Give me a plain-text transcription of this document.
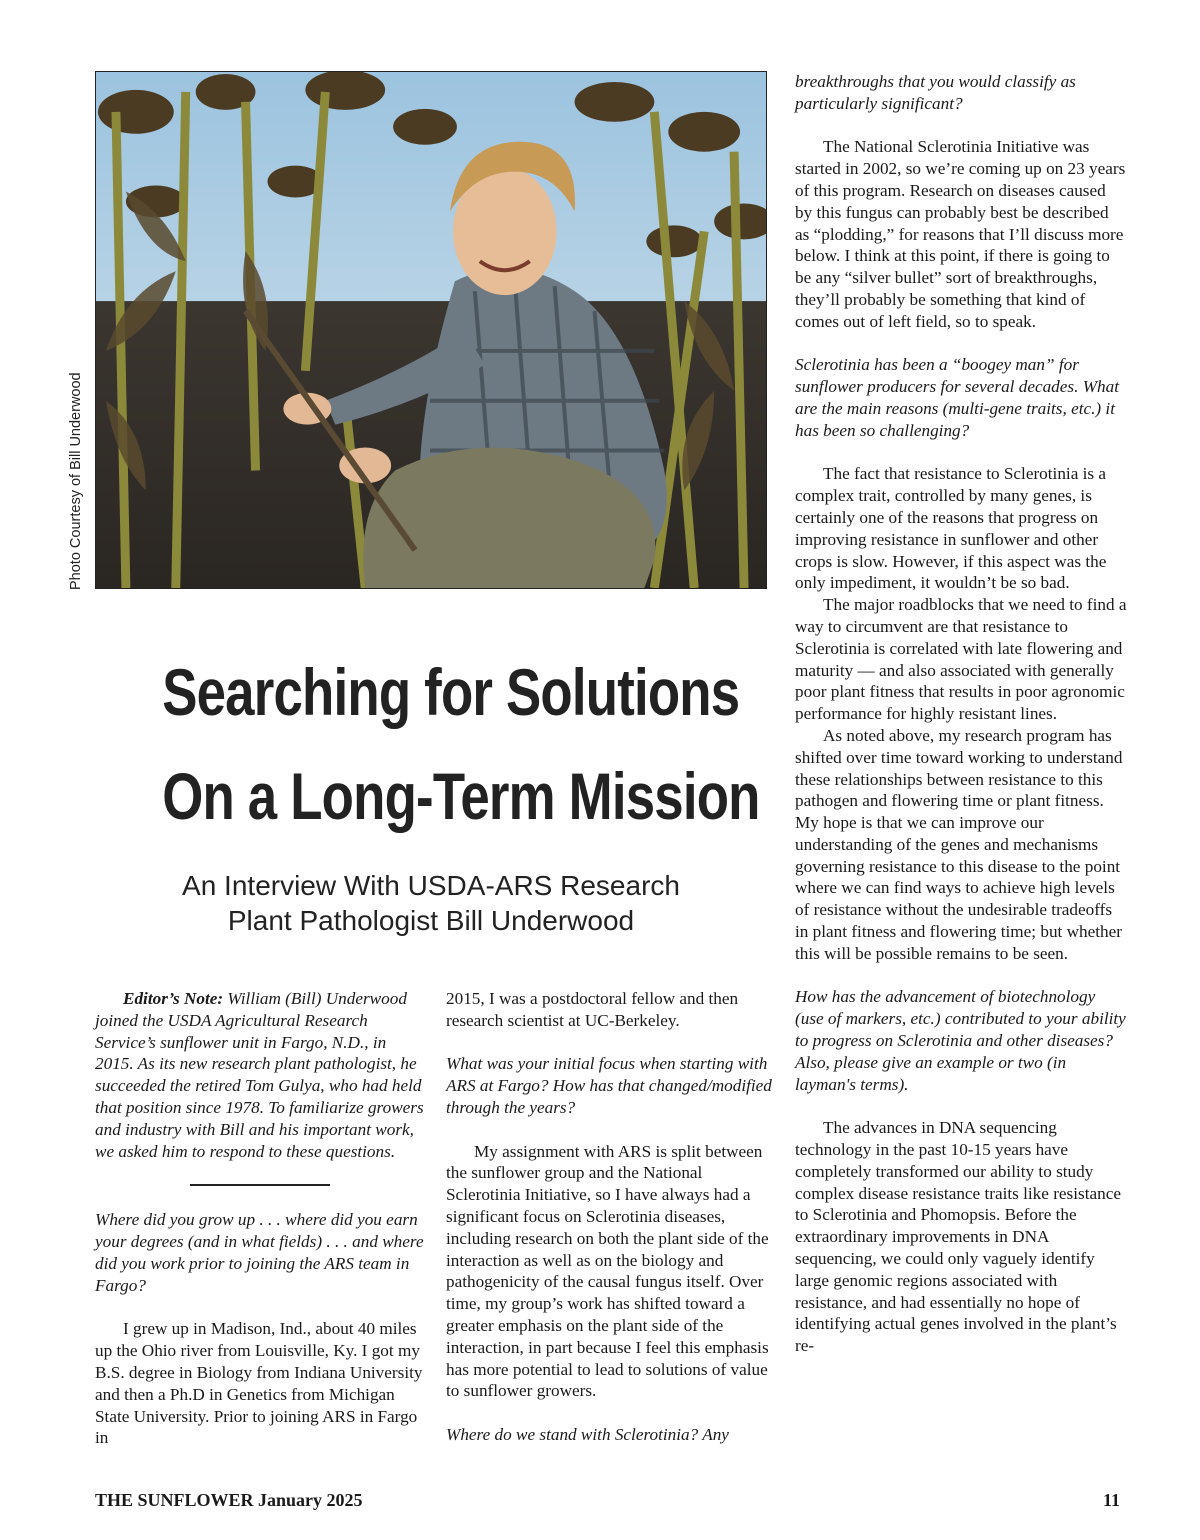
Photo Courtesy of Bill Underwood
Searching for Solutions
On a Long-Term Mission
An Interview With USDA-ARS Research
Plant Pathologist Bill Underwood

Editor’s Note: William (Bill) Underwood joined the USDA Agricultural Research Service’s sunflower unit in Fargo, N.D., in 2015. As its new research plant pathologist, he succeeded the retired Tom Gulya, who had held that position since 1978. To familiarize growers and industry with Bill and his important work, we asked him to respond to these questions.

Where did you grow up . . . where did you earn your degrees (and in what fields) . . . and where did you work prior to joining the ARS team in Fargo?

I grew up in Madison, Ind., about 40 miles up the Ohio river from Louisville, Ky. I got my B.S. degree in Biology from Indiana University and then a Ph.D in Genetics from Michigan State University. Prior to joining ARS in Fargo in

2015, I was a postdoctoral fellow and then research scientist at UC-Berkeley.

What was your initial focus when starting with ARS at Fargo? How has that changed/modified through the years?

My assignment with ARS is split between the sunflower group and the National Sclerotinia Initiative, so I have always had a significant focus on Sclerotinia diseases, including research on both the plant side of the interaction as well as on the biology and pathogenicity of the causal fungus itself. Over time, my group’s work has shifted toward a greater emphasis on the plant side of the interaction, in part because I feel this emphasis has more potential to lead to solutions of value to sunflower growers.

Where do we stand with Sclerotinia? Any

breakthroughs that you would classify as particularly significant?

The National Sclerotinia Initiative was started in 2002, so we’re coming up on 23 years of this program. Research on diseases caused by this fungus can probably best be described as “plodding,” for reasons that I’ll discuss more below. I think at this point, if there is going to be any “silver bullet” sort of breakthroughs, they’ll probably be something that kind of comes out of left field, so to speak.

Sclerotinia has been a “boogey man” for sunflower producers for several decades. What are the main reasons (multi-gene traits, etc.) it has been so challenging?

The fact that resistance to Sclerotinia is a complex trait, controlled by many genes, is certainly one of the reasons that progress on improving resistance in sunflower and other crops is slow. However, if this aspect was the only impediment, it wouldn’t be so bad.

The major roadblocks that we need to find a way to circumvent are that resistance to Sclerotinia is correlated with late flowering and maturity — and also associated with generally poor plant fitness that results in poor agronomic performance for highly resistant lines.

As noted above, my research program has shifted over time toward working to understand these relationships between resistance to this pathogen and flowering time or plant fitness. My hope is that we can improve our understanding of the genes and mechanisms governing resistance to this disease to the point where we can find ways to achieve high levels of resistance without the undesirable tradeoffs in plant fitness and flowering time; but whether this will be possible remains to be seen.

How has the advancement of biotechnology (use of markers, etc.) contributed to your ability to progress on Sclerotinia and other diseases? Also, please give an example or two (in layman's terms).

The advances in DNA sequencing technology in the past 10-15 years have completely transformed our ability to study complex disease resistance traits like resistance to Sclerotinia and Phomopsis. Before the extraordinary improvements in DNA sequencing, we could only vaguely identify large genomic regions associated with resistance, and had essentially no hope of identifying actual genes involved in the plant’s re-

THE SUNFLOWER January 2025	11
